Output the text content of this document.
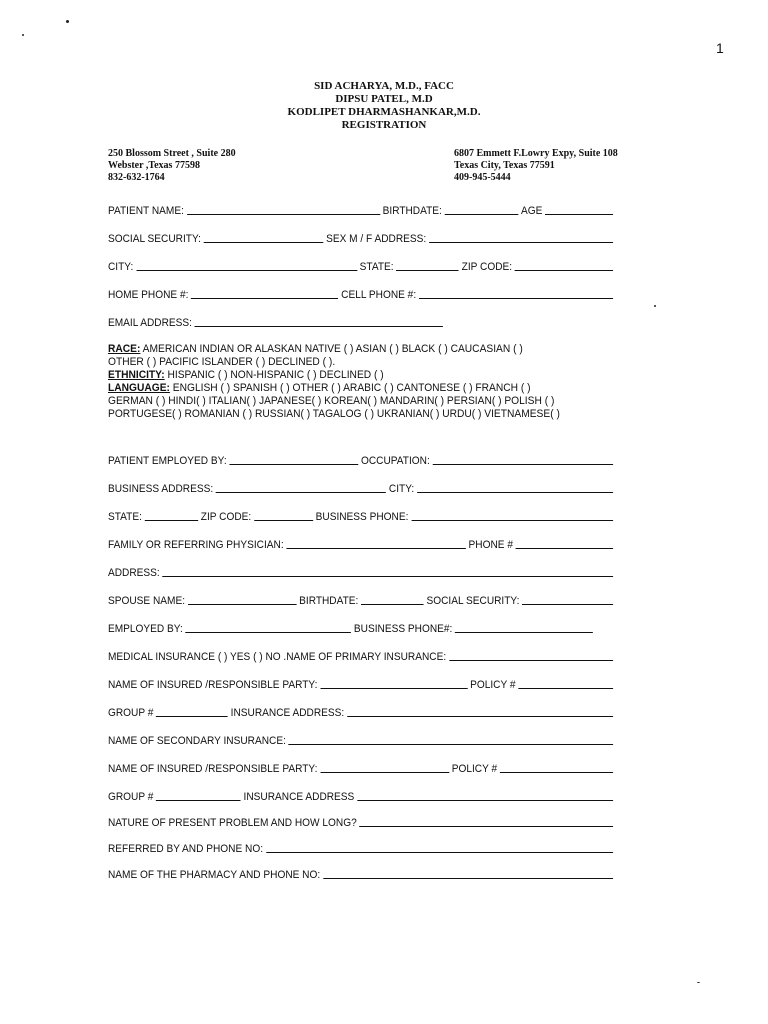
1
SID ACHARYA, M.D., FACC
DIPSU PATEL, M.D
KODLIPET DHARMASHANKAR,M.D.
REGISTRATION
250 Blossom Street , Suite 280
Webster ,Texas 77598
832-632-1764
6807 Emmett F.Lowry Expy, Suite 108
Texas City, Texas 77591
409-945-5444
PATIENT NAME:	BIRTHDATE:	AGE
SOCIAL SECURITY:	SEX M / F ADDRESS:
CITY:	STATE:	ZIP CODE:
HOME PHONE #:	CELL PHONE #:
EMAIL ADDRESS:
RACE: AMERICAN INDIAN OR ALASKAN NATIVE ( ) ASIAN ( ) BLACK ( ) CAUCASIAN ( )
OTHER ( ) PACIFIC ISLANDER ( ) DECLINED ( ).
ETHNICITY: HISPANIC ( ) NON-HISPANIC ( ) DECLINED ( )
LANGUAGE: ENGLISH ( ) SPANISH ( ) OTHER ( ) ARABIC ( ) CANTONESE ( ) FRANCH ( )
GERMAN ( ) HINDI( ) ITALIAN( ) JAPANESE( ) KOREAN( ) MANDARIN( ) PERSIAN( ) POLISH ( )
PORTUGESE( ) ROMANIAN ( ) RUSSIAN( ) TAGALOG ( ) UKRANIAN( ) URDU( ) VIETNAMESE( )
PATIENT EMPLOYED BY:	OCCUPATION:
BUSINESS ADDRESS:	CITY:
STATE:	ZIP CODE:	BUSINESS PHONE:
FAMILY OR REFERRING PHYSICIAN:	PHONE #
ADDRESS:
SPOUSE NAME:	BIRTHDATE:	SOCIAL SECURITY:
EMPLOYED BY:	BUSINESS PHONE#:
MEDICAL INSURANCE ( ) YES ( ) NO .NAME OF PRIMARY INSURANCE:
NAME OF INSURED /RESPONSIBLE PARTY:	POLICY #
GROUP #	INSURANCE ADDRESS:
NAME OF SECONDARY INSURANCE:
NAME OF INSURED /RESPONSIBLE PARTY:	POLICY #
GROUP #	INSURANCE ADDRESS
NATURE OF PRESENT PROBLEM AND HOW LONG?
REFERRED BY AND PHONE NO:
NAME OF THE PHARMACY AND PHONE NO:
